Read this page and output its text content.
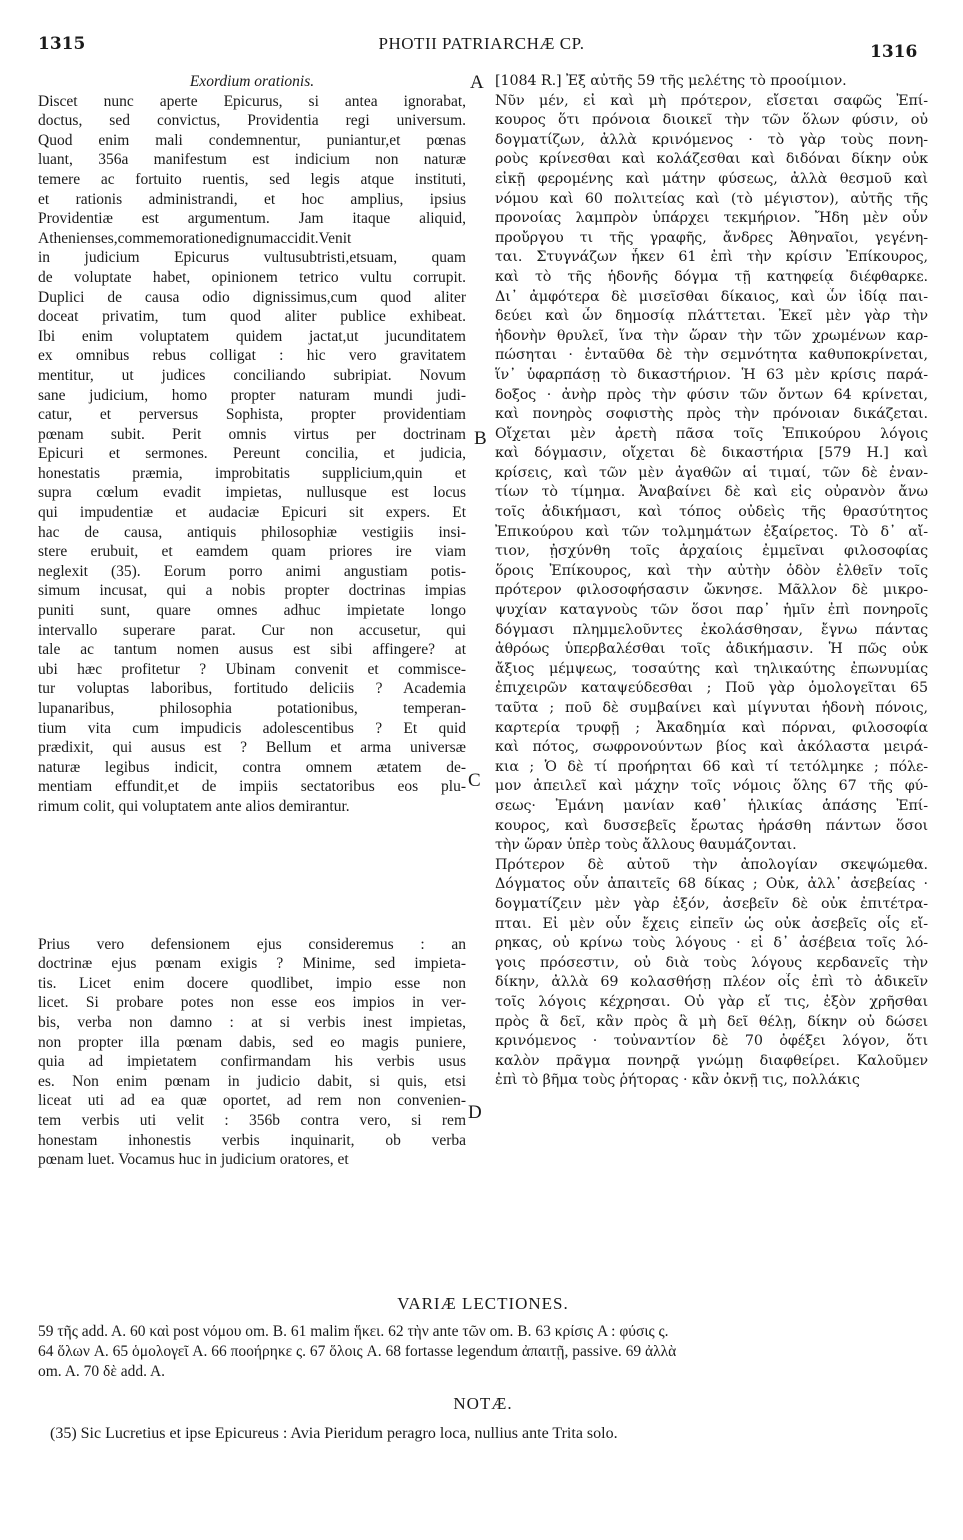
1315	PHOTII PATRIARCHÆ CP.	1316
A
B
C
D
Exordium orationis.
Discet nunc aperte Epicurus, si antea ignorabat,
doctus, sed convictus, Providentia regi universum.
Quod enim mali condemnentur, puniantur,et pœnas
luant, 356a manifestum est indicium non naturæ
temere ac fortuito ruentis, sed legis atque instituti,
et rationis administrandi, et hoc amplius, ipsius
Providentiæ est argumentum. Jam itaque aliquid,
Athenienses,commemorationedignumaccidit.Venit
in judicium Epicurus vultusubtristi,etsuam, quam
de voluptate habet, opinionem tetrico vultu corrupit.
Duplici de causa odio dignissimus,cum quod aliter
doceat privatim, tum quod aliter publice exhibeat.
Ibi enim voluptatem quidem jactat,ut jucunditatem
ex omnibus rebus colligat : hic vero gravitatem
mentitur, ut judices conciliando subripiat. Novum
sane judicium, homo propter naturam mundi judi-
catur, et perversus Sophista, propter providentiam
pœnam subit. Perit omnis virtus per doctrinam
Epicuri et sermones. Pereunt concilia, et judicia,
honestatis præmia, improbitatis supplicium,quin et
supra cœlum evadit impietas, nullusque est locus
qui impudentiæ et audaciæ Epicuri sit expers. Et
hac de causa, antiquis philosophiæ vestigiis insi-
stere erubuit, et eamdem quam priores ire viam
neglexit (35). Eorum porro animi angustiam potis-
simum incusat, qui a nobis propter doctrinas impias
puniti sunt, quare omnes adhuc impietate longo
intervallo superare parat. Cur non accusetur, qui
tale ac tantum nomen ausus est sibi affingere? at
ubi hæc profitetur ? Ubinam convenit et commisce-
tur voluptas laboribus, fortitudo deliciis ? Academia
lupanaribus, philosophia potationibus, temperan-
tium vita cum impudicis adolescentibus ? Et quid
prædixit, qui ausus est ? Bellum et arma universæ
naturæ legibus indicit, contra omnem ætatem de-
mentiam effundit,et de impiis sectatoribus eos plu-
rimum colit, qui voluptatem ante alios demirantur.
Prius vero defensionem ejus consideremus : an
doctrinæ ejus pœnam exigis ? Minime, sed impieta-
tis. Licet enim docere quodlibet, impio esse non
licet. Si probare potes non esse eos impios in ver-
bis, verba non damno : at si verbis inest impietas,
non propter illa pœnam dabis, sed eo magis puniere,
quia ad impietatem confirmandam his verbis usus
es. Non enim pœnam in judicio dabit, si quis, etsi
liceat uti ad ea quæ oportet, ad rem non convenien-
tem verbis uti velit : 356b contra vero, si rem
honestam inhonestis verbis inquinarit, ob verba
pœnam luet. Vocamus huc in judicium oratores, et
[1084 R.] Ἐξ αὐτῆς 59 τῆς μελέτης τὸ προοίμιον.
Νῦν μέν, εἰ καὶ μὴ πρότερον, εἴσεται σαφῶς Ἐπί-
κουρος ὅτι πρόνοια διοικεῖ τὴν τῶν ὅλων φύσιν, οὐ
δογματίζων, ἀλλὰ κρινόμενος · τὸ γὰρ τοὺς πονη-
ροὺς κρίνεσθαι καὶ κολάζεσθαι καὶ διδόναι δίκην οὐκ
εἰκῇ φερομένης καὶ μάτην φύσεως, ἀλλὰ θεσμοῦ καὶ
νόμου καὶ 60 πολιτείας καὶ (τὸ μέγιστον), αὐτῆς τῆς
προνοίας λαμπρὸν ὑπάρχει τεκμήριον. Ἤδη μὲν οὖν
προὔργου τι τῆς γραφῆς, ἄνδρες Ἀθηναῖοι, γεγένη-
ται. Στυγνάζων ἧκεν 61 ἐπὶ τὴν κρίσιν Ἐπίκουρος,
καὶ τὸ τῆς ἡδονῆς δόγμα τῇ κατηφείᾳ διέφθαρκε.
Δι᾽ ἀμφότερα δὲ μισεῖσθαι δίκαιος, καὶ ὧν ἰδίᾳ παι-
δεύει καὶ ὧν δημοσίᾳ πλάττεται. Ἐκεῖ μὲν γὰρ τὴν
ἡδονὴν θρυλεῖ, ἵνα τὴν ὥραν τὴν τῶν χρωμένων καρ-
πώσηται · ἐνταῦθα δὲ τὴν σεμνότητα καθυποκρίνεται,
ἵν᾽ ὑφαρπάσῃ τὸ δικαστήριον. Ἡ 63 μὲν κρίσις παρά-
δοξος · ἀνὴρ πρὸς τὴν φύσιν τῶν ὄντων 64 κρίνεται,
καὶ πονηρὸς σοφιστὴς πρὸς τὴν πρόνοιαν δικάζεται.
Οἴχεται μὲν ἀρετὴ πᾶσα τοῖς Ἐπικούρου λόγοις
καὶ δόγμασιν, οἴχεται δὲ δικαστήρια [579 H.] καὶ
κρίσεις, καὶ τῶν μὲν ἀγαθῶν αἱ τιμαί, τῶν δὲ ἐναν-
τίων τὸ τίμημα. Ἀναβαίνει δὲ καὶ εἰς οὐρανὸν ἄνω
τοῖς ἀδικήμασι, καὶ τόπος οὐδεὶς τῆς θρασύτητος
Ἐπικούρου καὶ τῶν τολμημάτων ἐξαίρετος. Τὸ δ᾽ αἴ-
τιον, ᾐσχύνθη τοῖς ἀρχαίοις ἐμμεῖναι φιλοσοφίας
ὅροις Ἐπίκουρος, καὶ τὴν αὐτὴν ὁδὸν ἐλθεῖν τοῖς
πρότερον φιλοσοφήσασιν ὤκνησε. Μᾶλλον δὲ μικρο-
ψυχίαν καταγνοὺς τῶν ὅσοι παρ᾽ ἡμῖν ἐπὶ πονηροῖς
δόγμασι πλημμελοῦντες ἐκολάσθησαν, ἔγνω πάντας
ἀθρόως ὑπερβαλέσθαι τοῖς ἀδικήμασιν. Ἡ πῶς οὐκ
ἄξιος μέμψεως, τοσαύτης καὶ τηλικαύτης ἐπωνυμίας
ἐπιχειρῶν καταψεύδεσθαι ; Ποῦ γὰρ ὁμολογεῖται 65
ταῦτα ; ποῦ δὲ συμβαίνει καὶ μίγνυται ἡδονὴ πόνοις,
καρτερία τρυφῇ ; Ἀκαδημία καὶ πόρναι, φιλοσοφία
καὶ πότος, σωφρονούντων βίος καὶ ἀκόλαστα μειρά-
κια ; Ὁ δὲ τί προήρηται 66 καὶ τί τετόλμηκε ; πόλε-
μον ἀπειλεῖ καὶ μάχην τοῖς νόμοις ὅλης 67 τῆς φύ-
σεως· Ἐμάνη μανίαν καθ᾽ ἡλικίας ἁπάσης Ἐπί-
κουρος, καὶ δυσσεβεῖς ἔρωτας ἠράσθη πάντων ὅσοι
τὴν ὥραν ὑπὲρ τοὺς ἄλλους θαυμάζονται.
Πρότερον δὲ αὐτοῦ τὴν ἀπολογίαν σκεψώμεθα.
Δόγματος οὖν ἀπαιτεῖς 68 δίκας ; Οὐκ, ἀλλ᾽ ἀσεβείας ·
δογματίζειν μὲν γὰρ ἐξόν, ἀσεβεῖν δὲ οὐκ ἐπιτέτρα-
πται. Εἰ μὲν οὖν ἔχεις εἰπεῖν ὡς οὐκ ἀσεβεῖς οἷς εἴ-
ρηκας, οὐ κρίνω τοὺς λόγους · εἰ δ᾽ ἀσέβεια τοῖς λό-
γοις πρόσεστιν, οὐ διὰ τοὺς λόγους κερδανεῖς τὴν
δίκην, ἀλλὰ 69 κολασθήσῃ πλέον οἷς ἐπὶ τὸ ἀδικεῖν
τοῖς λόγοις κέχρησαι. Οὐ γὰρ εἴ τις, ἐξὸν χρῆσθαι
πρὸς ἃ δεῖ, κἂν πρὸς ἃ μὴ δεῖ θέλῃ, δίκην οὐ δώσει
κρινόμενος · τοὐναντίον δὲ 70 ὀφέξει λόγον, ὅτι
καλὸν πρᾶγμα πονηρᾷ γνώμῃ διαφθείρει. Καλοῦμεν
ἐπὶ τὸ βῆμα τοὺς ῥήτορας · κἂν ὀκνῇ τις, πολλάκις
VARIÆ LECTIONES.
59 τῆς add. A. 60 καὶ post νόμου om. B. 61 malim ἥκει. 62 τὴν ante τῶν om. B. 63 κρίσις A : φύσις ς.
64 ὅλων A. 65 ὁμολογεῖ A. 66 ποοήρηκε ς. 67 ὅλοις A. 68 fortasse legendum ἀπαιτῇ, passive. 69 ἀλλὰ
om. A. 70 δὲ add. A.
NOTÆ.
(35) Sic Lucretius et ipse Epicureus : Avia Pieridum peragro loca, nullius ante Trita solo.
